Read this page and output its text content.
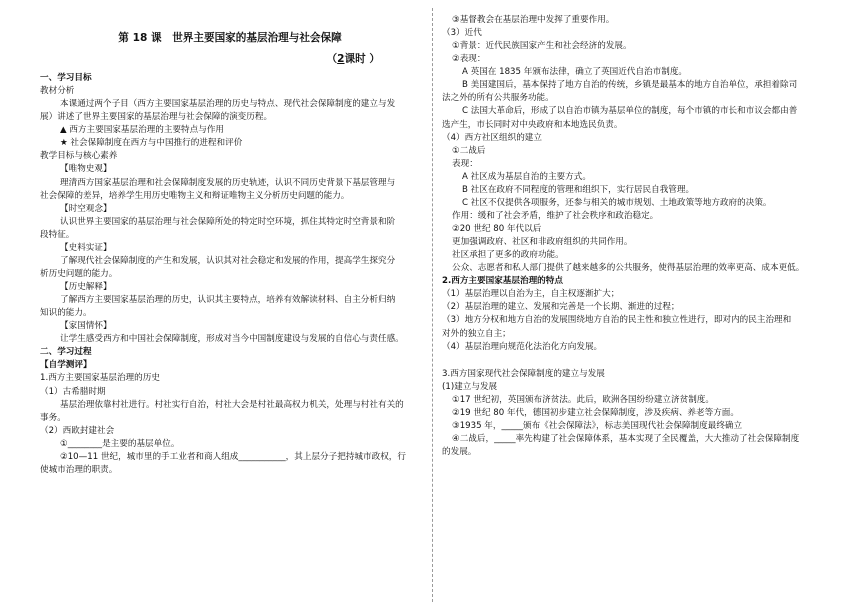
第 18 课　世界主要国家的基层治理与社会保障
（2课时 ）
一、学习目标
教材分析
本课通过两个子目（西方主要国家基层治理的历史与特点、现代社会保障制度的建立与发
展）讲述了世界主要国家的基层治理与社会保障的演变历程。
▲ 西方主要国家基层治理的主要特点与作用
★ 社会保障制度在西方与中国推行的进程和评价
教学目标与核心素养
【唯物史观】
理清西方国家基层治理和社会保障制度发展的历史轨迹，认识不同历史背景下基层管理与
社会保障的差异，培养学生用历史唯物主义和辩证唯物主义分析历史问题的能力。
【时空观念】
认识世界主要国家的基层治理与社会保障所处的特定时空环境，抓住其特定时空背景和阶
段特征。
【史料实证】
了解现代社会保障制度的产生和发展，认识其对社会稳定和发展的作用，提高学生探究分
析历史问题的能力。
【历史解释】
了解西方主要国家基层治理的历史，认识其主要特点，培养有效解读材料、自主分析归纳
知识的能力。
【家国情怀】
让学生感受西方和中国社会保障制度，形成对当今中国制度建设与发展的自信心与责任感。
二、学习过程
【自学测评】
1.西方主要国家基层治理的历史
（1）古希腊时期
基层治理依靠村社进行。村社实行自治，村社大会是村社最高权力机关，处理与村社有关的
事务。
（2）西欧封建社会
①________是主要的基层单位。
②10—11 世纪，城市里的手工业者和商人组成___________，其上层分子把持城市政权，行
使城市治理的职责。
③基督教会在基层治理中发挥了重要作用。
（3）近代
①背景：近代民族国家产生和社会经济的发展。
②表现：
A 英国在 1835 年颁布法律，确立了英国近代自治市制度。
B 美国建国后，基本保持了地方自治的传统，乡镇是最基本的地方自治单位，承担着除司
法之外的所有公共服务功能。
C 法国大革命后，形成了以自治市镇为基层单位的制度，每个市镇的市长和市议会都由普
选产生，市长同时对中央政府和本地选民负责。
（4）西方社区组织的建立
①二战后
表现：
A 社区成为基层自治的主要方式。
B 社区在政府不同程度的管理和组织下，实行居民自我管理。
C 社区不仅提供各项服务，还参与相关的城市规划、土地政策等地方政府的决策。
作用：缓和了社会矛盾，维护了社会秩序和政治稳定。
②20 世纪 80 年代以后
更加强调政府、社区和非政府组织的共同作用。
社区承担了更多的政府功能。
公众、志愿者和私人部门提供了越来越多的公共服务，使得基层治理的效率更高、成本更低。
2.西方主要国家基层治理的特点
（1）基层治理以自治为主，自主权逐渐扩大；
（2）基层治理的建立、发展和完善是一个长期、渐进的过程；
（3）地方分权和地方自治的发展围绕地方自治的民主性和独立性进行，即对内的民主治理和
对外的独立自主；
（4）基层治理向规范化法治化方向发展。
3.西方国家现代社会保障制度的建立与发展
(1)建立与发展
①17 世纪初，英国颁布济贫法。此后，欧洲各国纷纷建立济贫制度。
②19 世纪 80 年代，德国初步建立社会保障制度，涉及疾病、养老等方面。
③1935 年，_____颁布《社会保障法》，标志美国现代社会保障制度最终确立
④二战后，_____率先构建了社会保障体系，基本实现了全民覆盖，大大推动了社会保障制度
的发展。
